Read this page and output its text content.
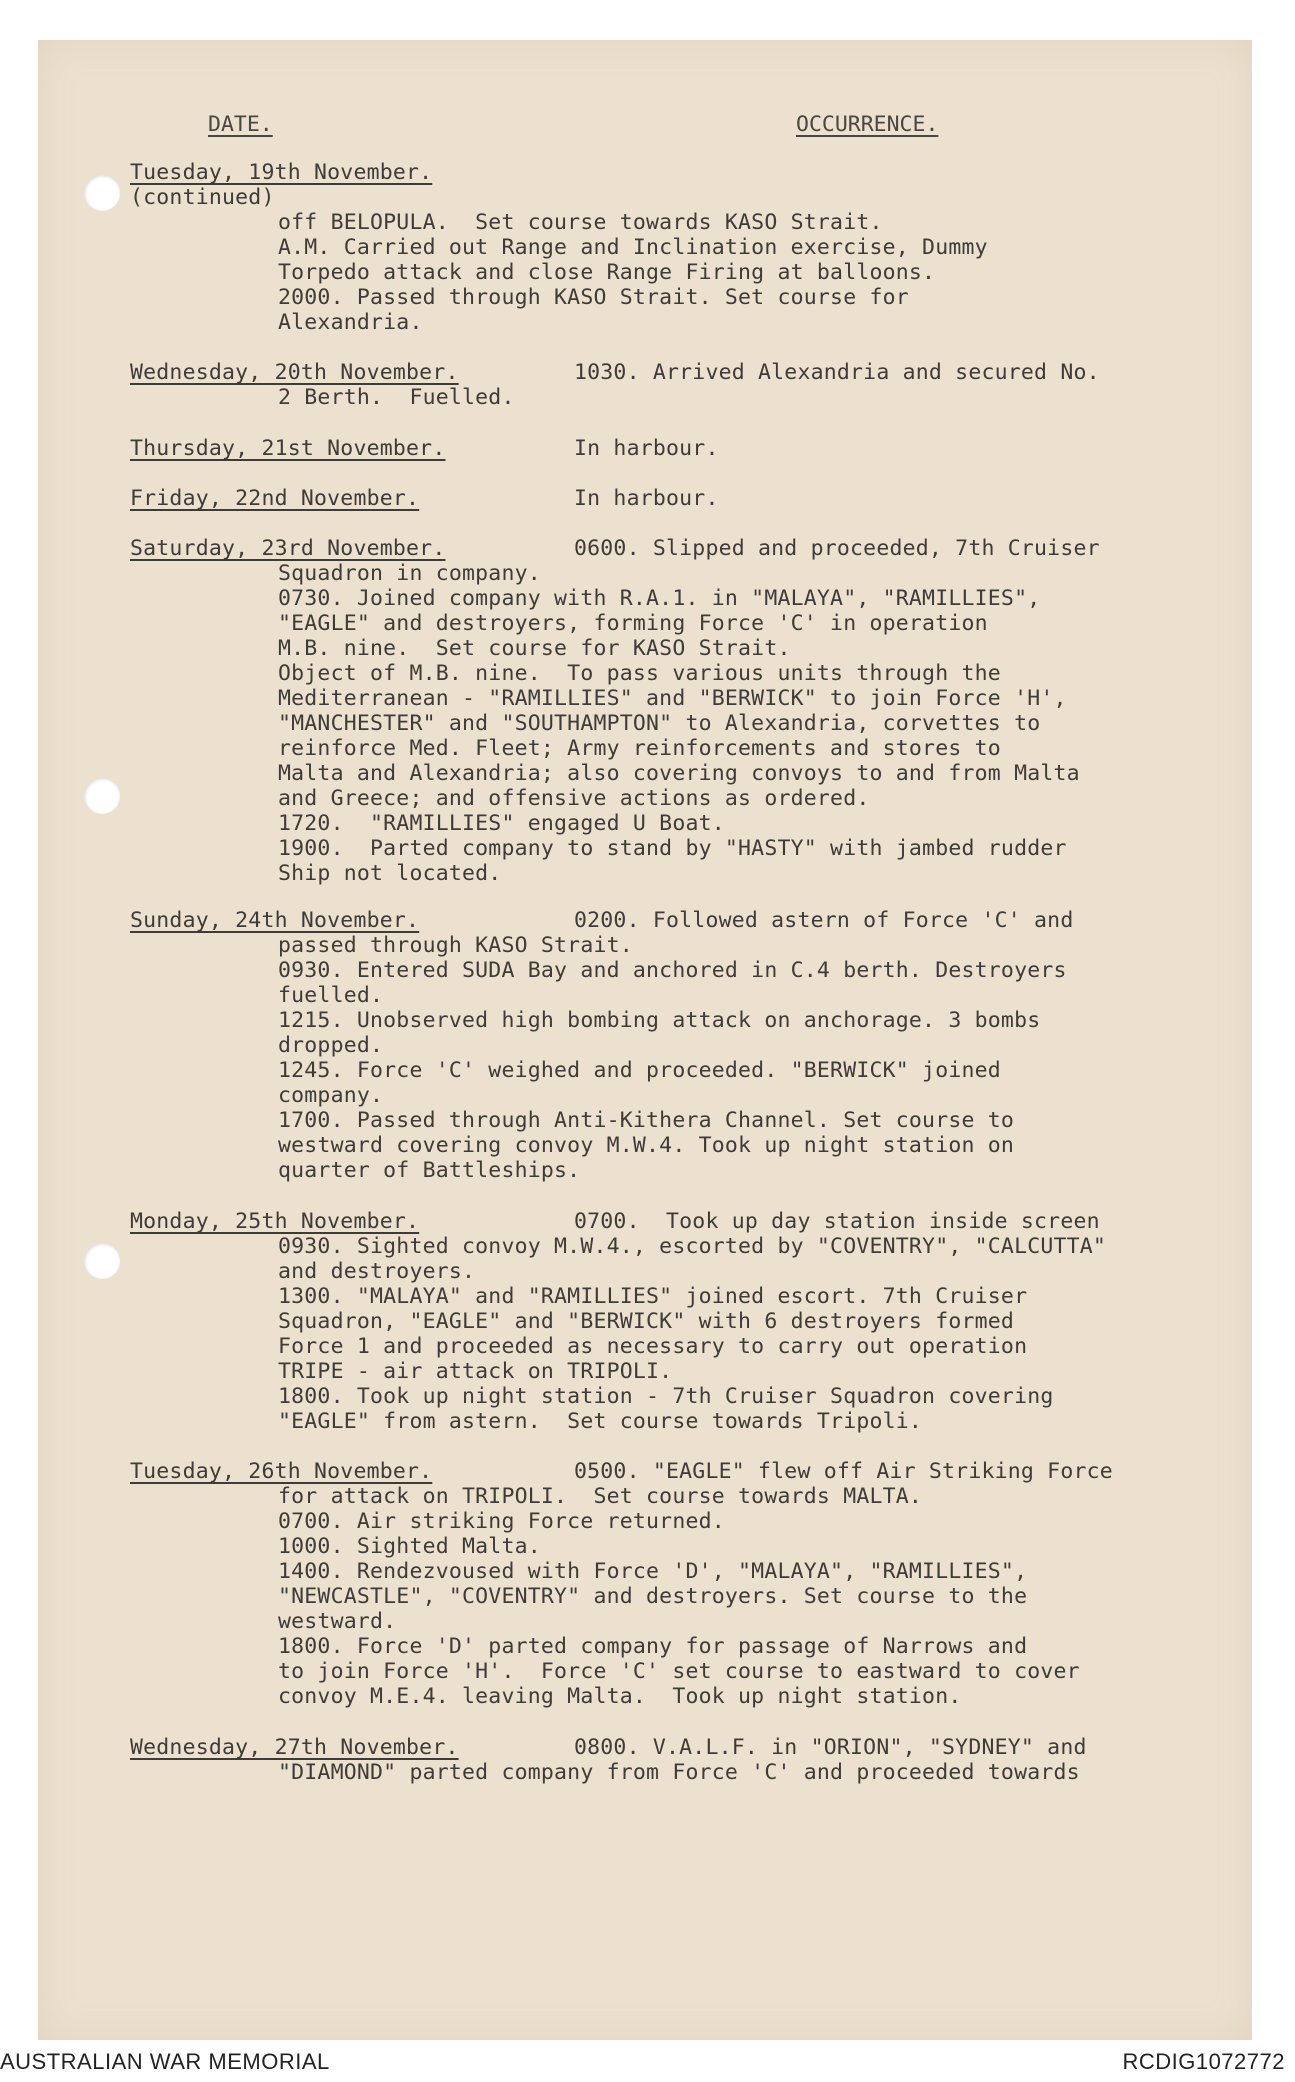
DATE.	OCCURRENCE.
Tuesday, 19th November.
(continued)
off BELOPULA.  Set course towards KASO Strait.
A.M. Carried out Range and Inclination exercise, Dummy
Torpedo attack and close Range Firing at balloons.
2000. Passed through KASO Strait. Set course for
Alexandria.
Wednesday, 20th November.	1030. Arrived Alexandria and secured No.
2 Berth.  Fuelled.
Thursday, 21st November.	In harbour.
Friday, 22nd November.	In harbour.
Saturday, 23rd November.	0600. Slipped and proceeded, 7th Cruiser
Squadron in company.
0730. Joined company with R.A.1. in "MALAYA", "RAMILLIES",
"EAGLE" and destroyers, forming Force 'C' in operation
M.B. nine.  Set course for KASO Strait.
Object of M.B. nine.  To pass various units through the
Mediterranean - "RAMILLIES" and "BERWICK" to join Force 'H',
"MANCHESTER" and "SOUTHAMPTON" to Alexandria, corvettes to
reinforce Med. Fleet; Army reinforcements and stores to
Malta and Alexandria; also covering convoys to and from Malta
and Greece; and offensive actions as ordered.
1720.  "RAMILLIES" engaged U Boat.
1900.  Parted company to stand by "HASTY" with jambed rudder
Ship not located.
Sunday, 24th November.	0200. Followed astern of Force 'C' and
passed through KASO Strait.
0930. Entered SUDA Bay and anchored in C.4 berth. Destroyers
fuelled.
1215. Unobserved high bombing attack on anchorage. 3 bombs
dropped.
1245. Force 'C' weighed and proceeded. "BERWICK" joined
company.
1700. Passed through Anti-Kithera Channel. Set course to
westward covering convoy M.W.4. Took up night station on
quarter of Battleships.
Monday, 25th November.	0700.  Took up day station inside screen
0930. Sighted convoy M.W.4., escorted by "COVENTRY", "CALCUTTA"
and destroyers.
1300. "MALAYA" and "RAMILLIES" joined escort. 7th Cruiser
Squadron, "EAGLE" and "BERWICK" with 6 destroyers formed
Force 1 and proceeded as necessary to carry out operation
TRIPE - air attack on TRIPOLI.
1800. Took up night station - 7th Cruiser Squadron covering
"EAGLE" from astern.  Set course towards Tripoli.
Tuesday, 26th November.	0500. "EAGLE" flew off Air Striking Force
for attack on TRIPOLI.  Set course towards MALTA.
0700. Air striking Force returned.
1000. Sighted Malta.
1400. Rendezvoused with Force 'D', "MALAYA", "RAMILLIES",
"NEWCASTLE", "COVENTRY" and destroyers. Set course to the
westward.
1800. Force 'D' parted company for passage of Narrows and
to join Force 'H'.  Force 'C' set course to eastward to cover
convoy M.E.4. leaving Malta.  Took up night station.
Wednesday, 27th November.	0800. V.A.L.F. in "ORION", "SYDNEY" and
"DIAMOND" parted company from Force 'C' and proceeded towards
AUSTRALIAN WAR MEMORIAL	RCDIG1072772
